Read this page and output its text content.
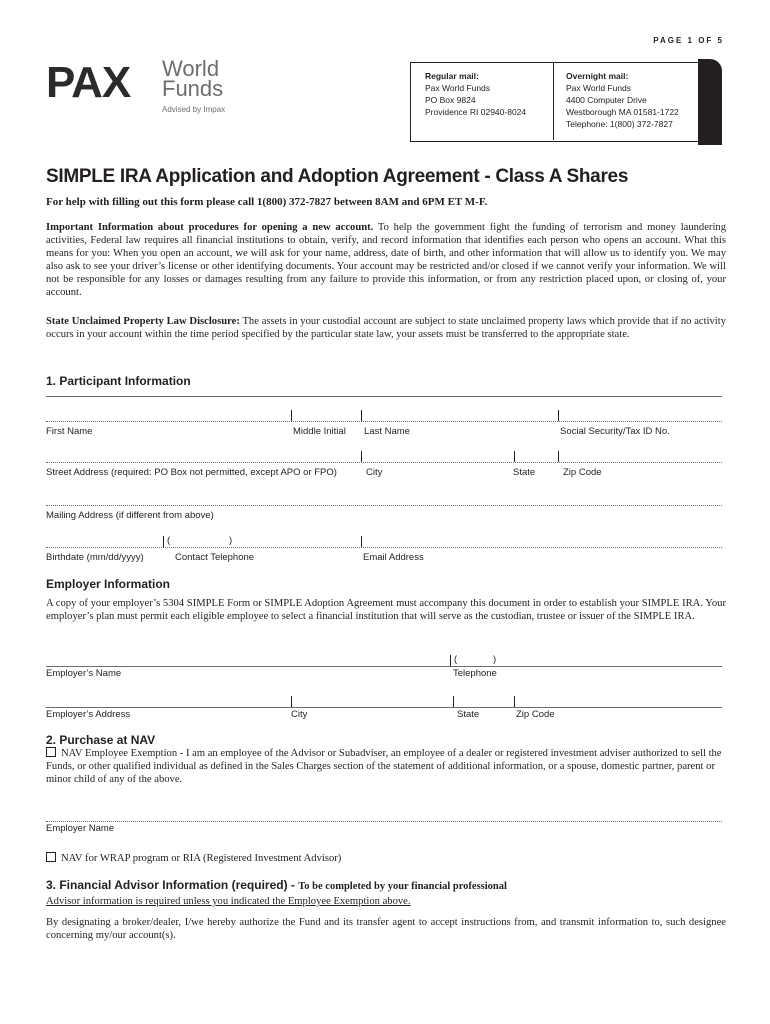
PAGE 1 OF 5
PAX World
Funds
Advised by Impax
Regular mail:
Pax World Funds
PO Box 9824
Providence RI 02940-8024
Overnight mail:
Pax World Funds
4400 Computer Drive
Westborough MA 01581-1722
Telephone: 1(800) 372-7827
SIMPLE IRA Application and Adoption Agreement - Class A Shares
For help with filling out this form please call 1(800) 372-7827 between 8AM and 6PM ET M-F.
Important Information about procedures for opening a new account. To help the government fight the funding of terrorism and money laundering activities, Federal law requires all financial institutions to obtain, verify, and record information that identifies each person who opens an account. What this means for you: When you open an account, we will ask for your name, address, date of birth, and other information that will allow us to identify you. We may also ask to see your driver’s license or other identifying documents. Your account may be restricted and/or closed if we cannot verify your information. We will not be responsible for any losses or damages resulting from any failure to provide this information, or from any restriction placed upon, or closing of, your account.
State Unclaimed Property Law Disclosure: The assets in your custodial account are subject to state unclaimed property laws which provide that if no activity occurs in your account within the time period specified by the particular state law, your assets must be transferred to the appropriate state.
1. Participant Information
First Name	Middle Initial Last Name	Social Security/Tax ID No.
Street Address (required: PO Box not permitted, except APO or FPO)	City	State	Zip Code
Mailing Address (if different from above)
(	)
Birthdate (mm/dd/yyyy)	Contact Telephone	Email Address
Employer Information
A copy of your employer’s 5304 SIMPLE Form or SIMPLE Adoption Agreement must accompany this document in order to establish your SIMPLE IRA. Your employer’s plan must permit each eligible employee to select a financial institution that will serve as the custodian, trustee or issuer of the SIMPLE IRA.
(	)
Employer’s Name	Telephone
Employer’s Address	City	State	Zip Code
2. Purchase at NAV
NAV Employee Exemption - I am an employee of the Advisor or Subadviser, an employee of a dealer or registered investment adviser authorized to sell the Funds, or other qualified individual as defined in the Sales Charges section of the statement of additional information, or a spouse, domestic partner, parent or minor child of any of the above.
Employer Name
NAV for WRAP program or RIA (Registered Investment Advisor)
3. Financial Advisor Information (required) - To be completed by your financial professional
Advisor information is required unless you indicated the Employee Exemption above.
By designating a broker/dealer, I/we hereby authorize the Fund and its transfer agent to accept instructions from, and transmit information to, such designee concerning my/our account(s).
